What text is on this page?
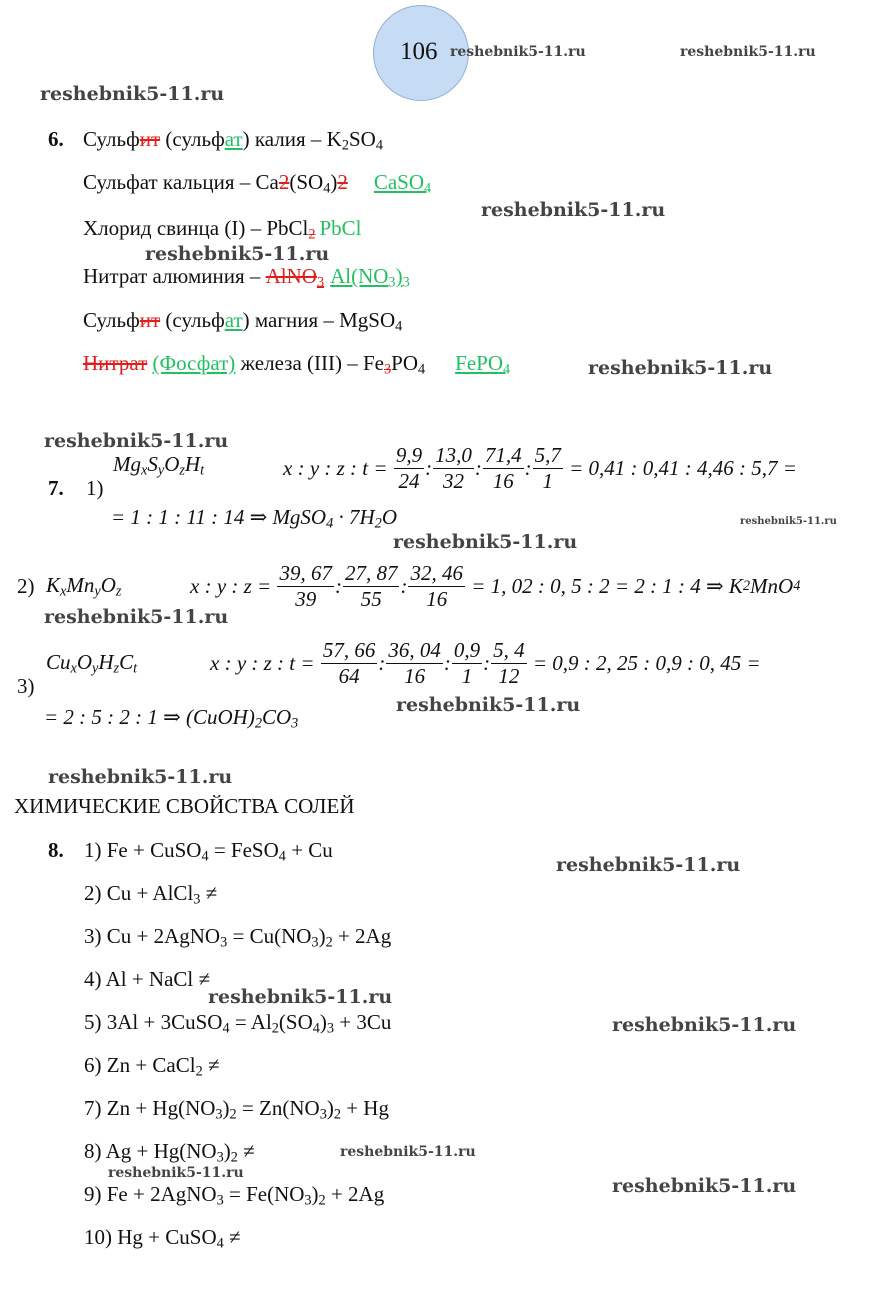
106 reshebnik5-11.ru	reshebnik5-11.ru
reshebnik5-11.ru
reshebnik5-11.ru
reshebnik5-11.ru
reshebnik5-11.ru
reshebnik5-11.ru
reshebnik5-11.ru
reshebnik5-11.ru
reshebnik5-11.ru
reshebnik5-11.ru
reshebnik5-11.ru
reshebnik5-11.ru
reshebnik5-11.ru
reshebnik5-11.ru
reshebnik5-11.ru
reshebnik5-11.ru
reshebnik5-11.ru
6. Сульфит (сульфат) калия – $K_2SO_4$
Сульфат кальция – $Ca2(SO_4)2$ CaSO$_4$
Хлорид свинца (I) – PbCl$_2$ PbCl
Нитрат алюминия – AlNO$_3$ $Al(NO_3)_3$
Сульфит (сульфат) магния – MgSO$_4$
Нитрат (Фосфат) железа $(III) - Fe_3PO_4$ FePO$_4$
7. 1)
$Mg_xS_yO_zH_t$	x : y : z : t =
$\frac{9,9}{24}$ :
13,0
32
:
71,4
16
: $\frac{5,7}{1}$
= 0,41 : 0,41 : 4,46 : 5,7 =
= 1 : 1 : 11 : 14 ⇒ MgSO$_4$ · $7H_2O$
2) $K_xMn_yO_z$	x : y : z =
$\frac{39, 67}{39}$ :
27, 87
55
: $\frac{32, 46}{16}$
= 1, 02 : 0, 5 : 2 = 2 : 1 : 4 ⇒ K 2 MnO 4
3)
$Cu_xO_yH_zC_t$	x : y : z : t =
$\frac{57, 66}{64}$ :
36, 04
16
:
0,9
1
: $\frac{5, 4}{12}$
= 0,9 : 2, 25 : 0,9 : 0, 45 =
= 2 : 5 : 2 : 1 ⇒ $(CuOH)_2CO_3$
ХИМИЧЕСКИЕ СВОЙСТВА СОЛЕЙ
8. 1) Fe + CuSO$_4$ = FeSO$_4$ + Cu
2) Cu + AlCl$_3$ ≠
3) Cu + 2AgNO$_3$ = $Cu(NO_3)_2 + 2Ag$
4) Al + NaCl ≠
5) 3Al + 3CuSO$_4$ = $Al_2(SO_4)_3 + 3Cu$
6) Zn + CaCl$_2$ ≠
7) $Zn + Hg(NO_3)_2 = Zn(NO_3)_2 + Hg$
8) $Ag + Hg(NO_3)_2$ ≠
9) Fe + 2AgNO$_3$ = $Fe(NO_3)_2 + 2Ag$
10) Hg + CuSO$_4$ ≠
